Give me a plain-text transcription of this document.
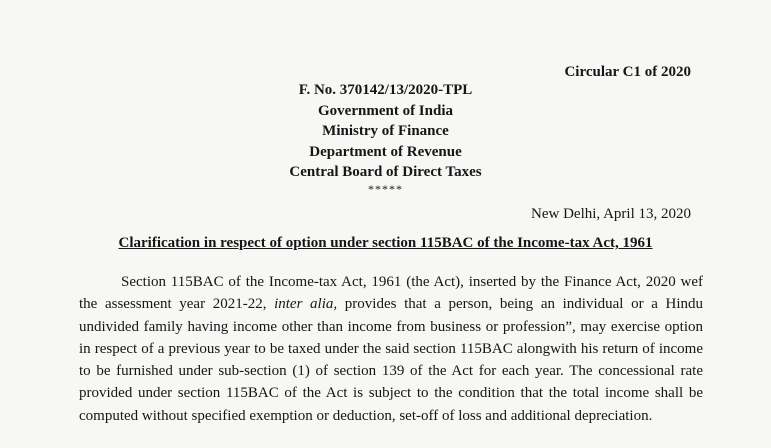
Circular C1 of 2020
F. No. 370142/13/2020-TPL
Government of India
Ministry of Finance
Department of Revenue
Central Board of Direct Taxes
*****
New Delhi, April 13, 2020
Clarification in respect of option under section 115BAC of the Income-tax Act, 1961

Section 115BAC of the Income-tax Act, 1961 (the Act), inserted by the Finance Act, 2020 wef the assessment year 2021-22, inter alia, provides that a person, being an individual or a Hindu undivided family having income other than income from business or profession”, may exercise option in respect of a previous year to be taxed under the said section 115BAC alongwith his return of income to be furnished under sub-section (1) of section 139 of the Act for each year. The concessional rate provided under section 115BAC of the Act is subject to the condition that the total income shall be computed without specified exemption or deduction, set-off of loss and additional depreciation.
